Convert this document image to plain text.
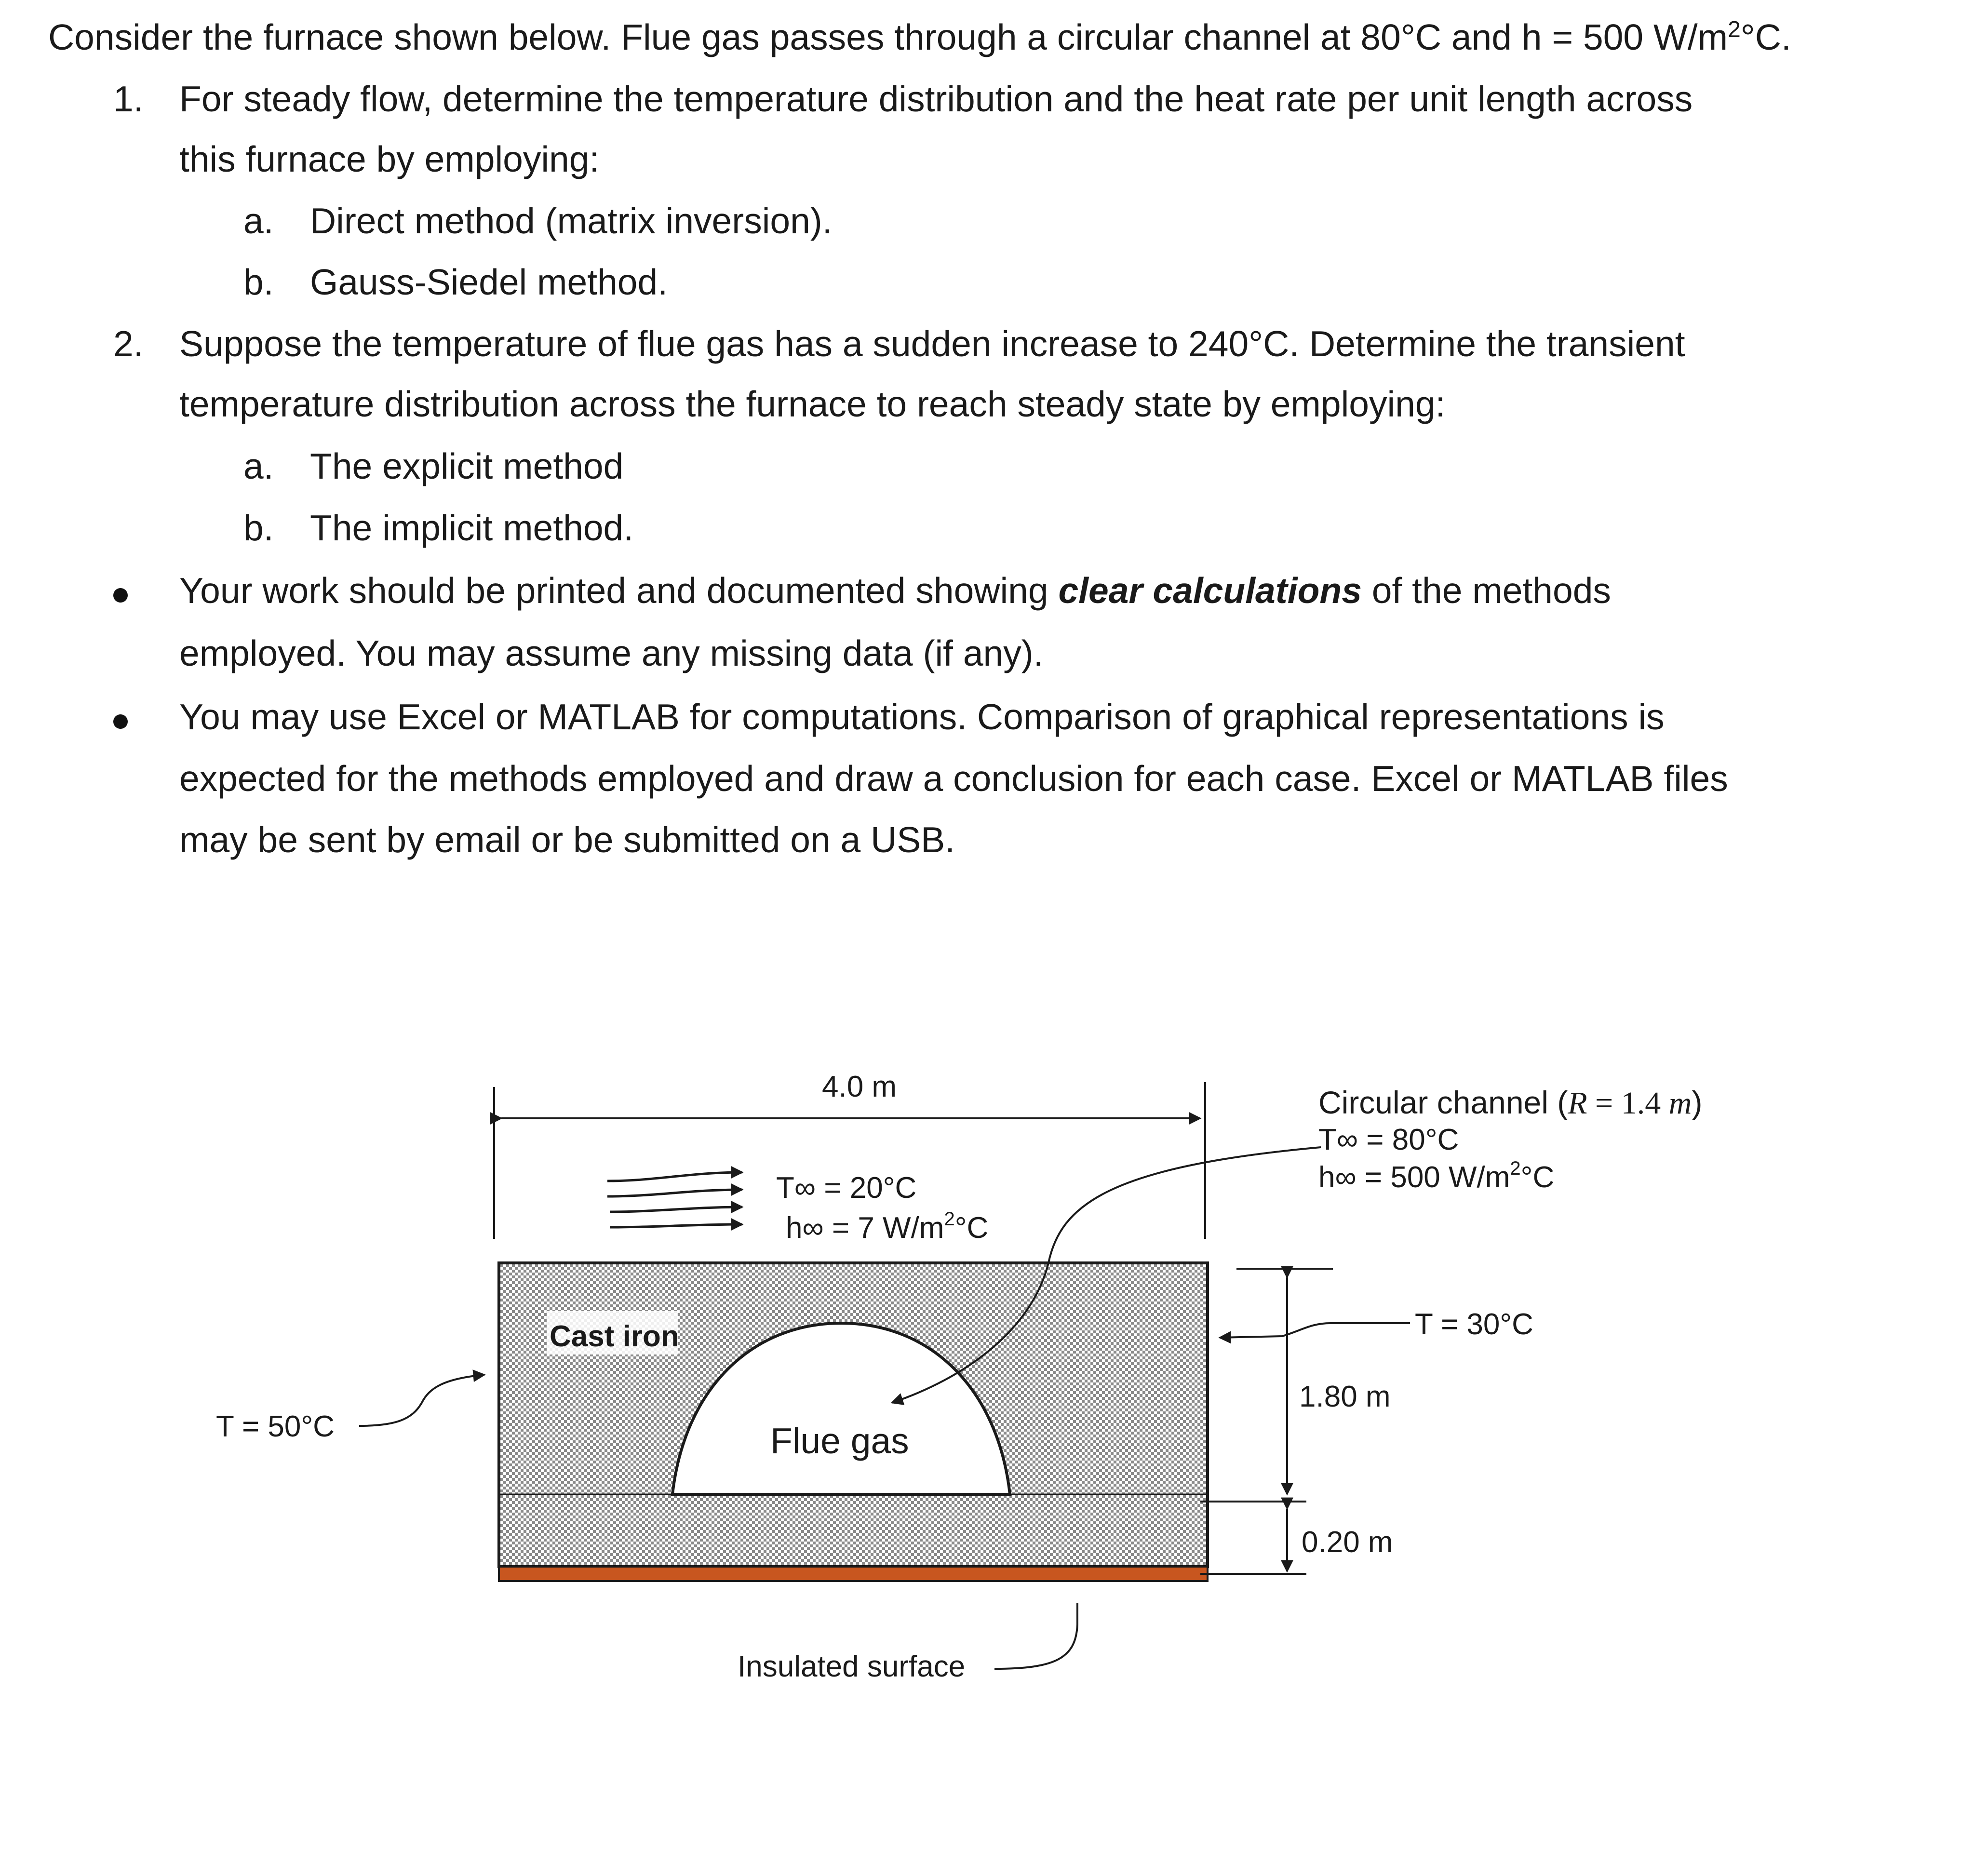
Consider the furnace shown below. Flue gas passes through a circular channel at 80°C and h = 500 $W/m^2^\circ C$.

1. For steady flow, determine the temperature distribution and the heat rate per unit length across

this furnace by employing:

a. Direct method (matrix inversion).

b. Gauss-Siedel method.

2. Suppose the temperature of flue gas has a sudden increase to 240°C. Determine the transient

temperature distribution across the furnace to reach steady state by employing:

a. The explicit method

b. The implicit method.

Your work should be printed and documented showing clear calculations of the methods

employed. You may assume any missing data (if any).

You may use Excel or MATLAB for computations. Comparison of graphical representations is

expected for the methods employed and draw a conclusion for each case. Excel or MATLAB files

may be sent by email or be submitted on a USB.

Cast iron
Flue gas
4.0 m
T∞ = 20°C
h∞ = 7 $W/m^2^\circ C$
Circular channel (R = 1.4 m)
T∞ = 80°C
h∞ = 500 $W/m^2^\circ C$
1.80 m
0.20 m
T = 30°C
T = 50°C
Insulated surface
